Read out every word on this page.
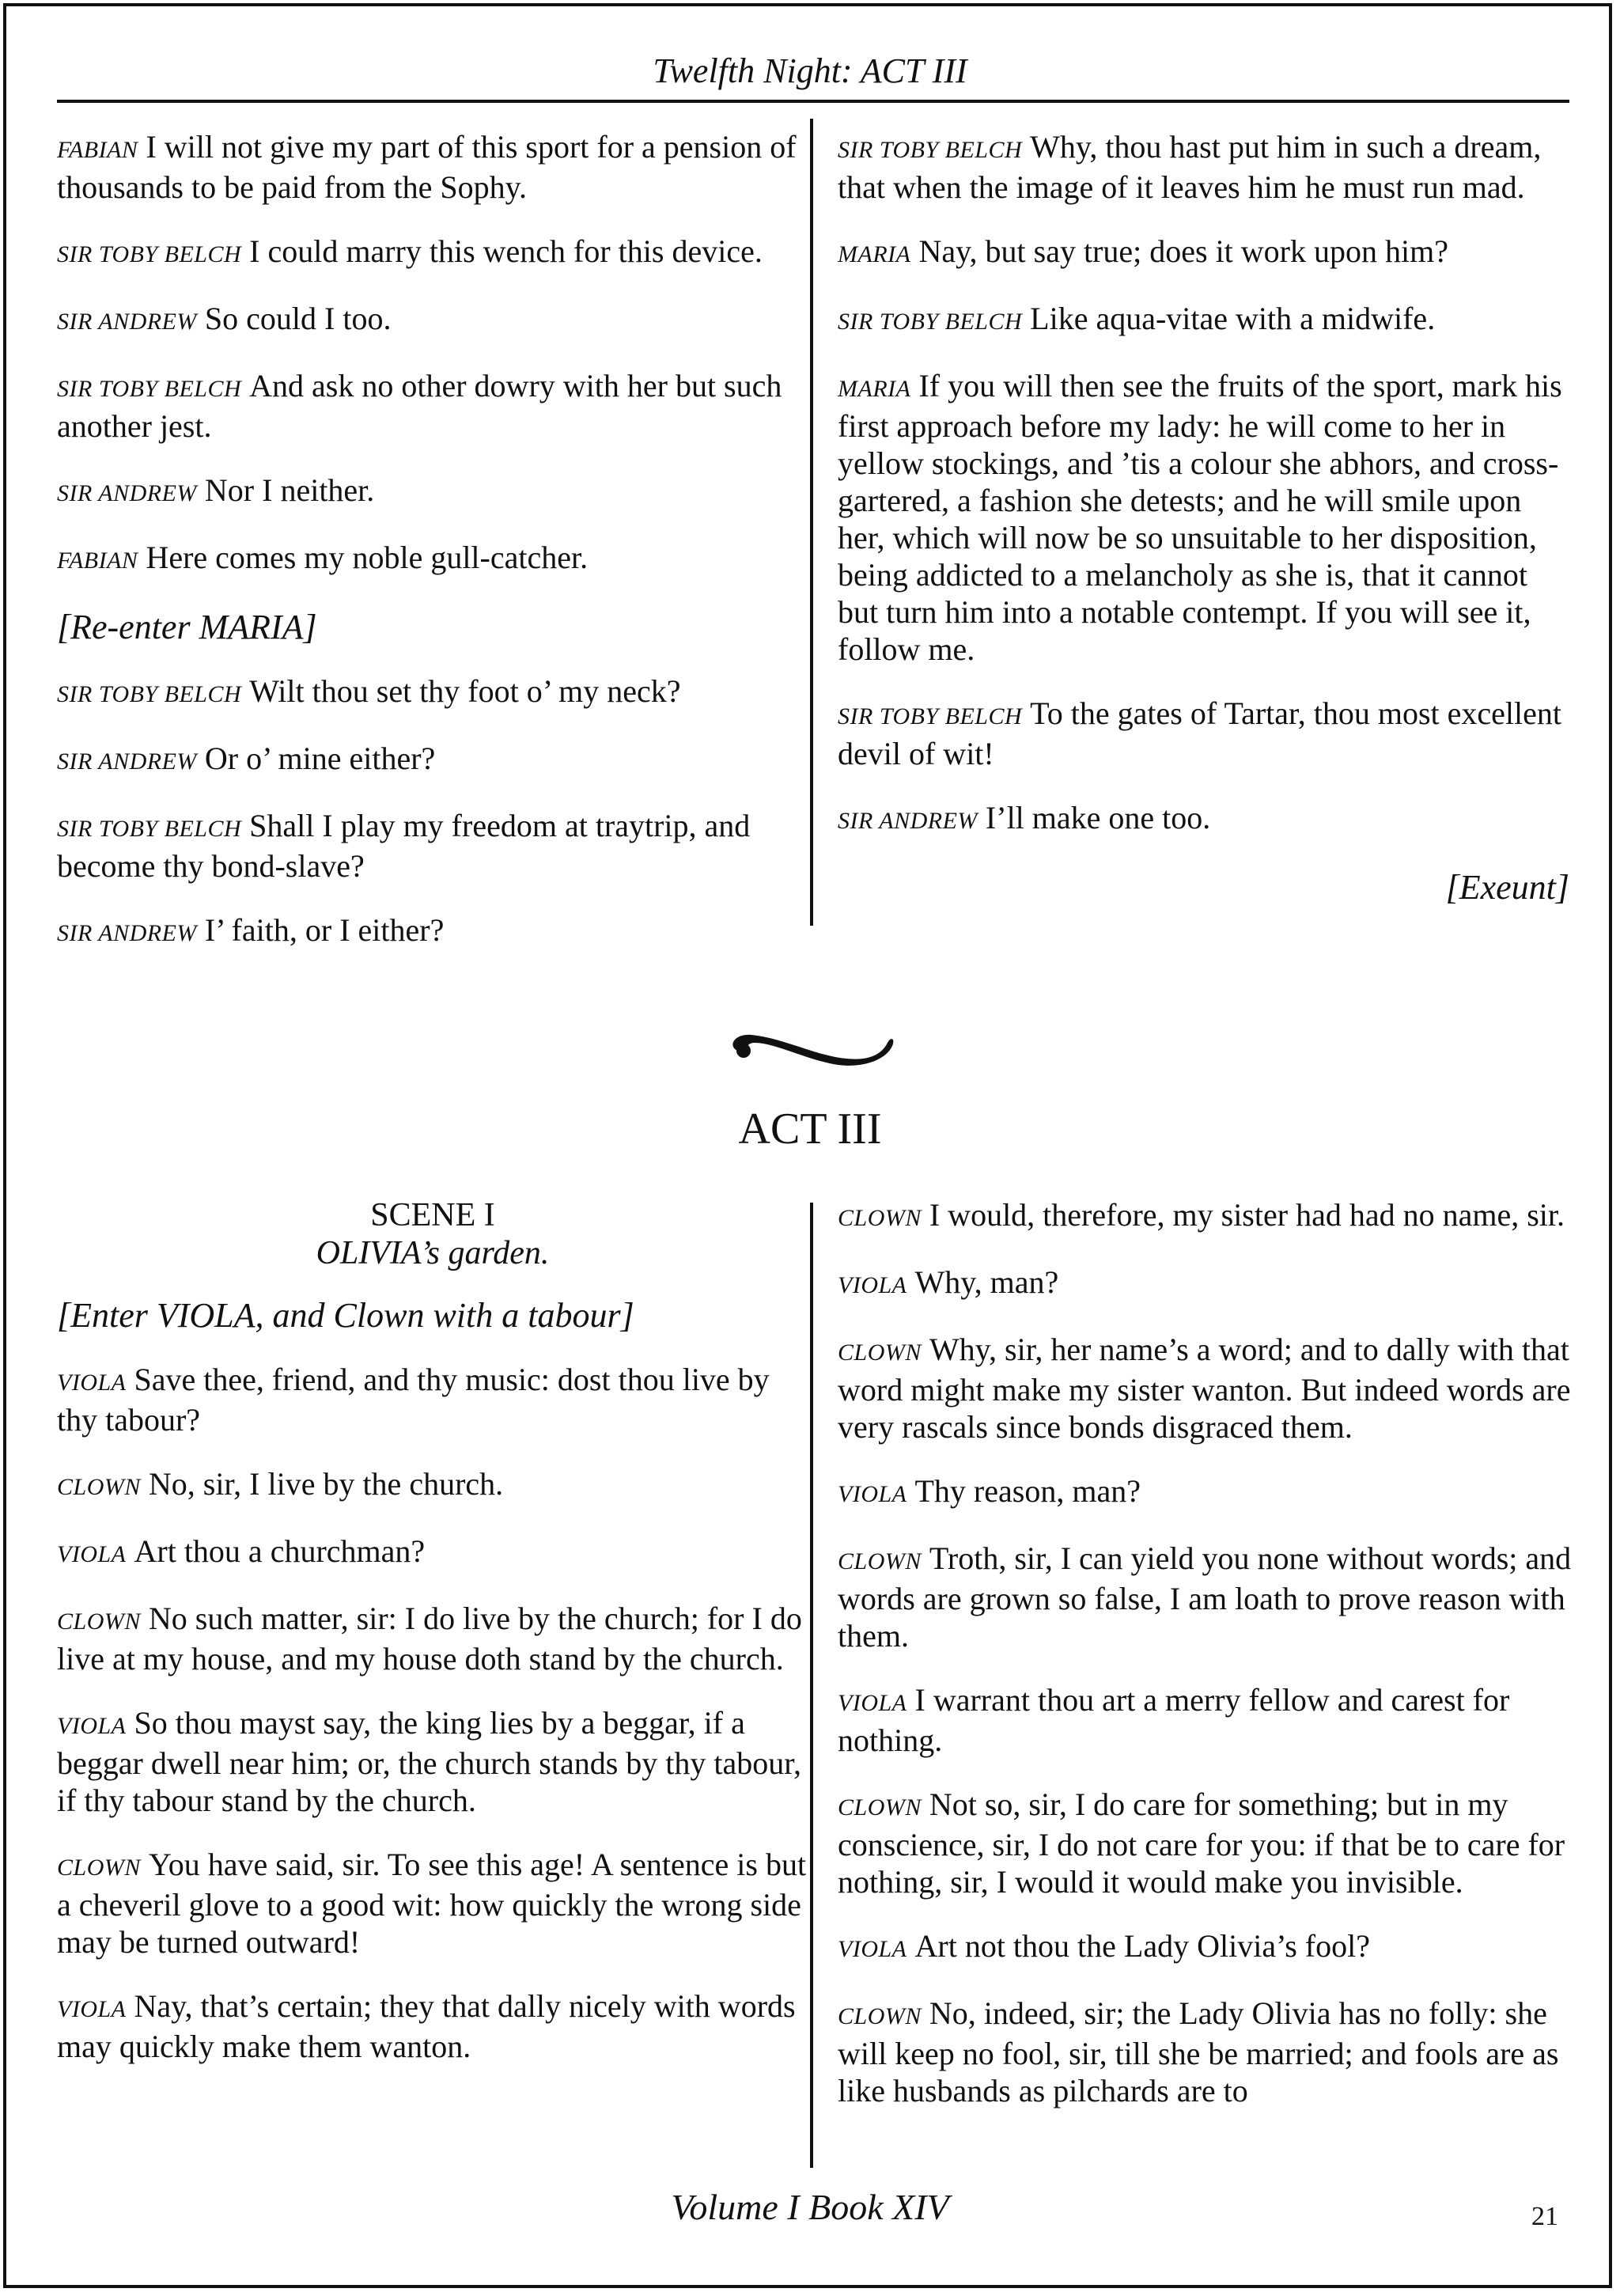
Twelfth Night: ACT III
FABIAN I will not give my part of this sport for a pension of thousands to be paid from the Sophy.
SIR TOBY BELCH I could marry this wench for this device.
SIR ANDREW So could I too.
SIR TOBY BELCH And ask no other dowry with her but such another jest.
SIR ANDREW Nor I neither.
FABIAN Here comes my noble gull-catcher.
[Re-enter MARIA]
SIR TOBY BELCH Wilt thou set thy foot o’ my neck?
SIR ANDREW Or o’ mine either?
SIR TOBY BELCH Shall I play my freedom at traytrip, and become thy bond-slave?
SIR ANDREW I’ faith, or I either?
SIR TOBY BELCH Why, thou hast put him in such a dream, that when the image of it leaves him he must run mad.
MARIA Nay, but say true; does it work upon him?
SIR TOBY BELCH Like aqua-vitae with a midwife.
MARIA If you will then see the fruits of the sport, mark his first approach before my lady: he will come to her in yellow stockings, and ’tis a colour she abhors, and cross-gartered, a fashion she detests; and he will smile upon her, which will now be so unsuitable to her disposition, being addicted to a melancholy as she is, that it cannot but turn him into a notable contempt. If you will see it, follow me.
SIR TOBY BELCH To the gates of Tartar, thou most excellent devil of wit!
SIR ANDREW I’ll make one too.
[Exeunt]
ACT III
SCENE I
OLIVIA’s garden.
[Enter VIOLA, and Clown with a tabour]
VIOLA Save thee, friend, and thy music: dost thou live by thy tabour?
CLOWN No, sir, I live by the church.
VIOLA Art thou a churchman?
CLOWN No such matter, sir: I do live by the church; for I do live at my house, and my house doth stand by the church.
VIOLA So thou mayst say, the king lies by a beggar, if a beggar dwell near him; or, the church stands by thy tabour, if thy tabour stand by the church.
CLOWN You have said, sir. To see this age! A sentence is but a cheveril glove to a good wit: how quickly the wrong side may be turned outward!
VIOLA Nay, that’s certain; they that dally nicely with words may quickly make them wanton.
CLOWN I would, therefore, my sister had had no name, sir.
VIOLA Why, man?
CLOWN Why, sir, her name’s a word; and to dally with that word might make my sister wanton. But indeed words are very rascals since bonds disgraced them.
VIOLA Thy reason, man?
CLOWN Troth, sir, I can yield you none without words; and words are grown so false, I am loath to prove reason with them.
VIOLA I warrant thou art a merry fellow and carest for nothing.
CLOWN Not so, sir, I do care for something; but in my conscience, sir, I do not care for you: if that be to care for nothing, sir, I would it would make you invisible.
VIOLA Art not thou the Lady Olivia’s fool?
CLOWN No, indeed, sir; the Lady Olivia has no folly: she will keep no fool, sir, till she be married; and fools are as like husbands as pilchards are to
Volume I Book XIV	21
